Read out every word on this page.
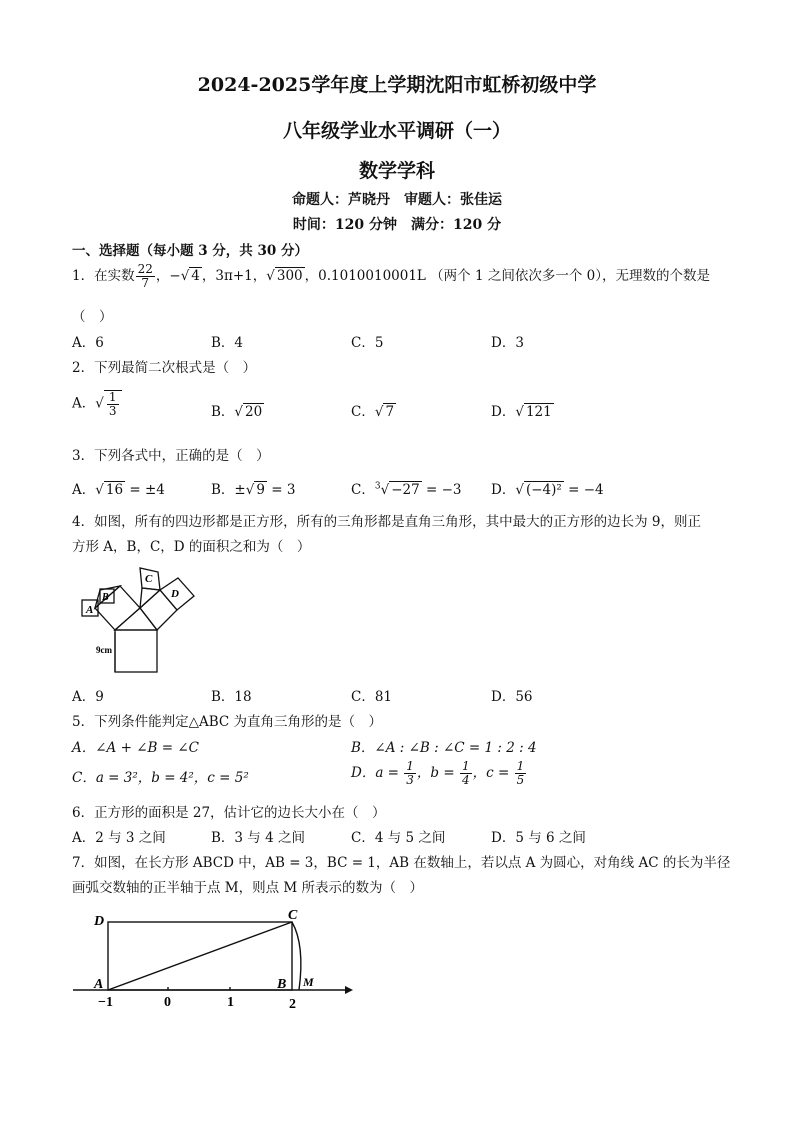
2024-2025学年度上学期沈阳市虹桥初级中学
八年级学业水平调研（一）
数学学科
命题人：芦晓丹　审题人：张佳运
时间：120 分钟　满分：120 分
一、选择题（每小题 3 分，共 30 分）
1．在实数 $\frac{22}{7}$ ，−√ 4 ，3π+1，√ 300 ，0.1010010001L （两个 1 之间依次多一个 0），无理数的个数是
（　）
A．6	B．4	C．5	D．3
2．下列最简二次根式是（　）
A．√ $\frac{1}{3}$	B．√ 20	C．√ 7	D．√ 121
3．下列各式中，正确的是（　）
A．√ 16 = ±4	B．±√ 9 = 3	C．$^3$√ −27 = −3 D．√ (−4)² = −4
4．如图，所有的四边形都是正方形，所有的三角形都是直角三角形，其中最大的正方形的边长为 9，则正
方形 A，B，C，D 的面积之和为（　）
A
B
C
D
9cm
A．9	B．18	C．81	D．56
5．下列条件能判定△ABC 为直角三角形的是（　）
A．∠A + ∠B = ∠C	B．∠A : ∠B : ∠C = 1 : 2 : 4
C．a = 3²，b = 4²，c = 5²	D．$a = \frac{1}{3}$ ，$b = \frac{1}{4}$ ，$c = \frac{1}{5}$
6．正方形的面积是 27，估计它的边长大小在（　）
A．2 与 3 之间	B．3 与 4 之间	C．4 与 5 之间	D．5 与 6 之间
7．如图，在长方形 ABCD 中，AB = 3，BC = 1，AB 在数轴上，若以点 A 为圆心，对角线 AC 的长为半径
画弧交数轴的正半轴于点 M，则点 M 所表示的数为（　）
D	C
A	B M
−1	0	1	2
